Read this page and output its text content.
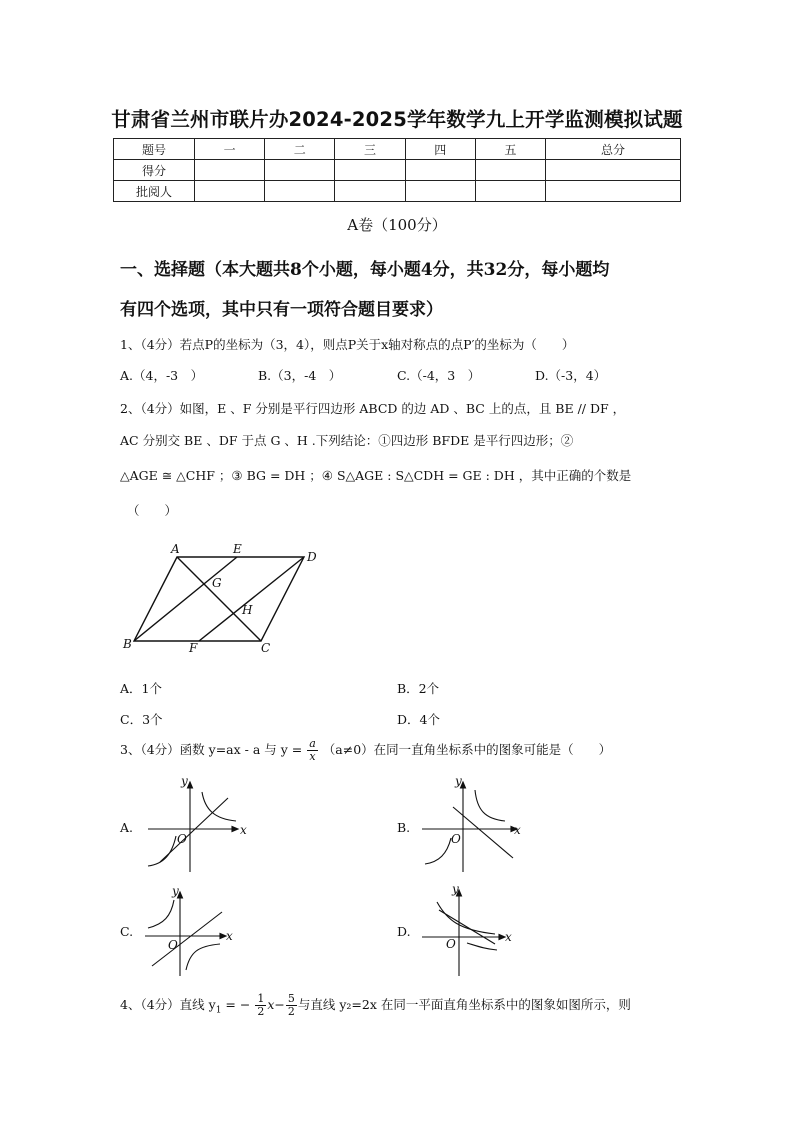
甘肃省兰州市联片办2024-2025学年数学九上开学监测模拟试题
题号	一	二	三	四	五	总分
得分						
批阅人						
A卷（100分）
一、选择题（本大题共8个小题，每小题4分，共32分，每小题均
有四个选项，其中只有一项符合题目要求）
1、（4分）若点P的坐标为（3，4），则点P关于x轴对称点的点P′的坐标为（　　）
A.（4，-3　）	B.（3，-4　）	C.（-4，3　）	D.（-3，4）
2、（4分）如图，E 、F 分别是平行四边形 ABCD 的边 AD 、BC 上的点，且 BE // DF ，
AC 分别交 BE 、DF 于点 G 、H .下列结论：①四边形 BFDE 是平行四边形；②
△AGE ≅ △CHF ；③ BG = DH ；④ S△AGE : S△CDH = GE : DH ，其中正确的个数是
（　　）
A	E
D
G
H
B	F	C
A．1个	B．2个
C．3个	D．4个
3、（4分）函数 y=ax - a 与 $y = \frac{a}{x} (a\ne 0)$在同一直角坐标系中的图象可能是（　　）
A.	x
y
O
B.	x
y
O
C.	x
y
O
D.	x
y
O
4、（4分）直线 $y_1$ = − $\frac{1}{2} x- \frac{5}{2}$ 与直线 y₂=2x 在同一平面直角坐标系中的图象如图所示，则
